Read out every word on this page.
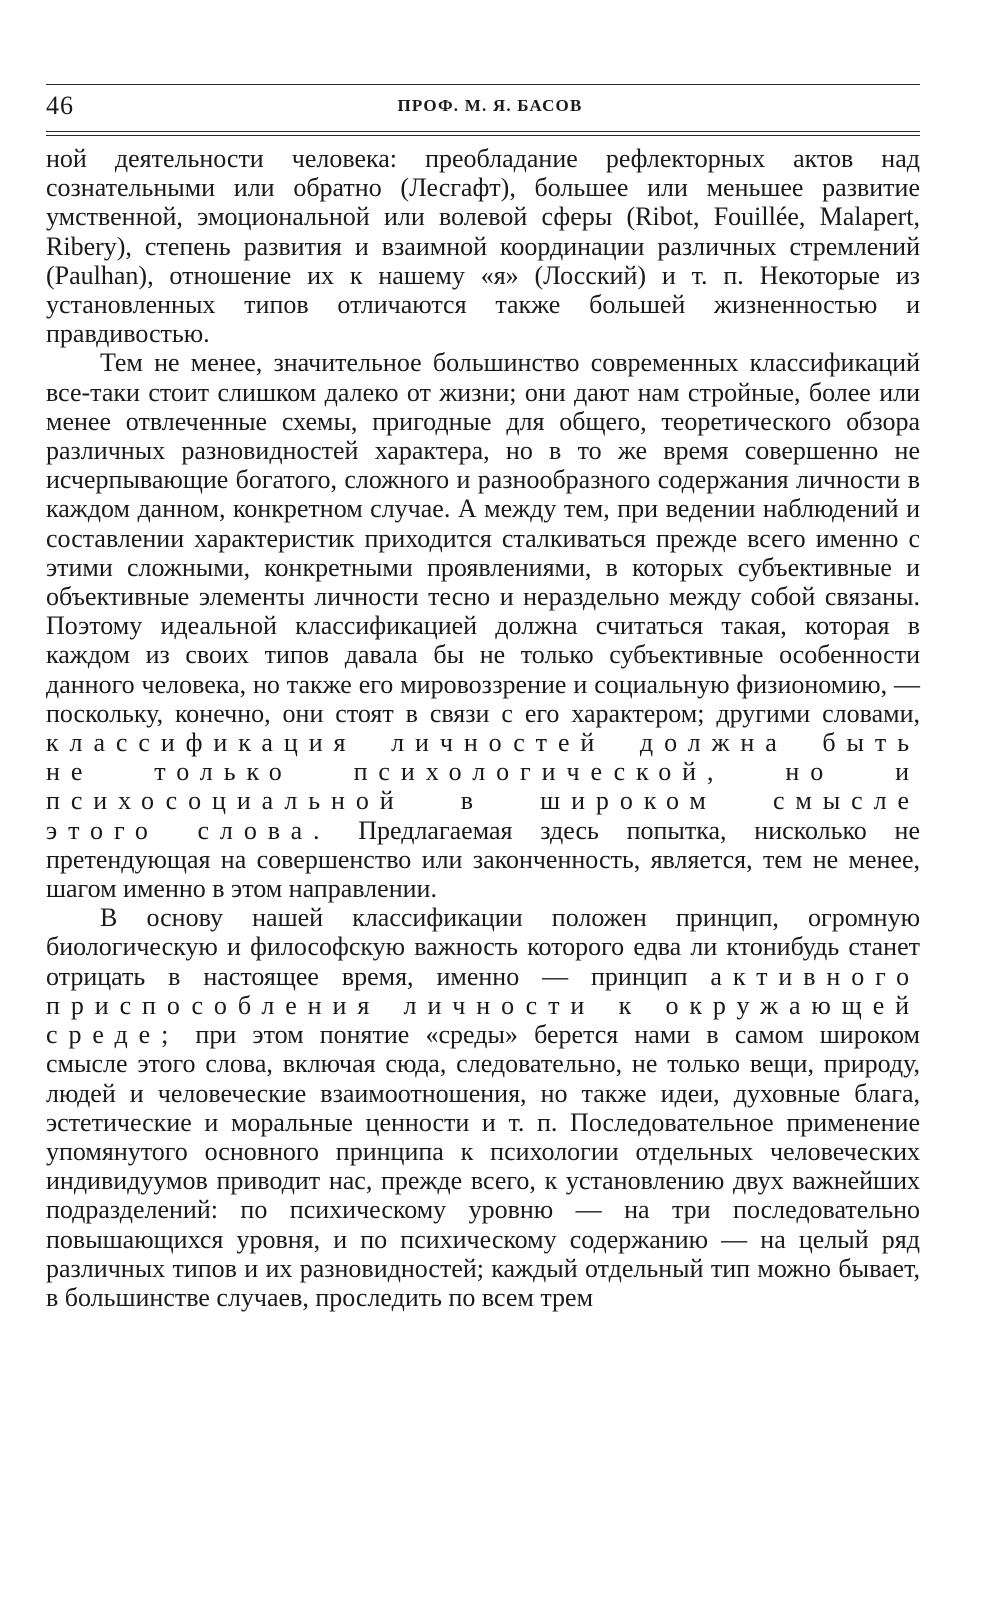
46	ПРОФ. М. Я. БАСОВ

ной деятельности человека: преобладание рефлекторных актов над сознательными или обратно (Лесгафт), большее или меньшее развитие умственной, эмоциональной или волевой сферы (Ribot, Fouillée, Malapert, Ribery), степень развития и взаимной координации различных стремлений (Paulhan), отношение их к нашему «я» (Лосский) и т. п. Некоторые из установленных типов отличаются также большей жизненностью и правдивостью.

Тем не менее, значительное большинство современных классификаций все-таки стоит слишком далеко от жизни; они дают нам стройные, более или менее отвлеченные схемы, пригодные для общего, теоретического обзора различных разновидностей характера, но в то же время совершенно не исчерпывающие богатого, сложного и разнообразного содержания личности в каждом данном, конкретном случае. А между тем, при ведении наблюдений и составлении характеристик приходится сталкиваться прежде всего именно с этими сложными, конкретными проявлениями, в которых субъективные и объективные элементы личности тесно и нераздельно между собой связаны. Поэтому идеальной классификацией должна считаться такая, которая в каждом из своих типов давала бы не только субъективные особенности данного человека, но также его мировоззрение и социальную физиономию, — поскольку, конечно, они стоят в связи с его характером; другими словами, классификация личностей должна быть не только психологической, но и психосоциальной в широком смысле этого слова. Предлагаемая здесь попытка, нисколько не претендующая на совершенство или законченность, является, тем не менее, шагом именно в этом направлении.

В основу нашей классификации положен принцип, огромную биологическую и философскую важность которого едва ли ктонибудь станет отрицать в настоящее время, именно — принцип активного приспособления личности к окружающей среде; при этом понятие «среды» берется нами в самом широком смысле этого слова, включая сюда, следовательно, не только вещи, природу, людей и человеческие взаимоотношения, но также идеи, духовные блага, эстетические и моральные ценности и т. п. Последовательное применение упомянутого основного принципа к психологии отдельных человеческих индивидуумов приводит нас, прежде всего, к установлению двух важнейших подразделений: по психическому уровню — на три последовательно повышающихся уровня, и по психическому содержанию — на целый ряд различных типов и их разновидностей; каждый отдельный тип можно бывает, в большинстве случаев, проследить по всем трем
